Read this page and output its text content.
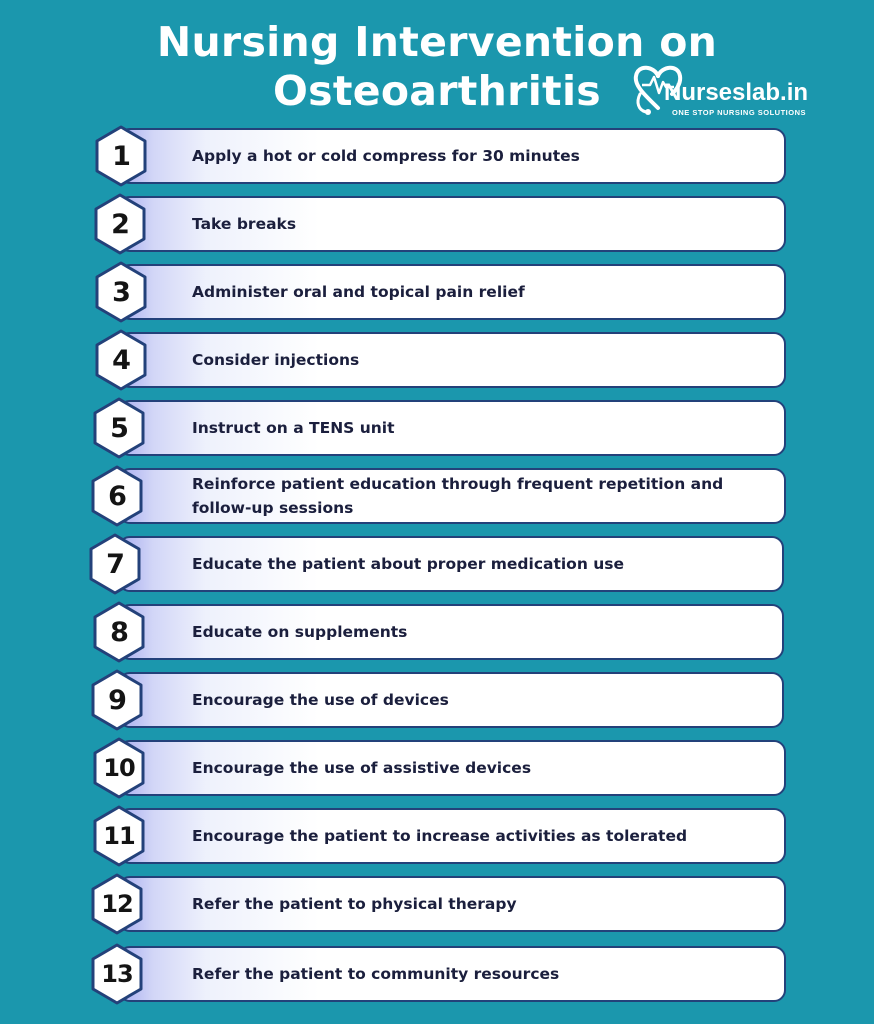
Nursing Intervention on
Osteoarthritis	Nurseslab.in
ONE STOP NURSING SOLUTIONS
Apply a hot or cold compress for 30 minutes
1
Take breaks
2
Administer oral and topical pain relief
3
Consider injections
4
Instruct on a TENS unit
5
Reinforce patient education through frequent repetition and follow-up sessions
6
Educate the patient about proper medication use
7
Educate on supplements
8
Encourage the use of devices
9
Encourage the use of assistive devices
10
Encourage the patient to increase activities as tolerated
11
Refer the patient to physical therapy
12
Refer the patient to community resources
13
